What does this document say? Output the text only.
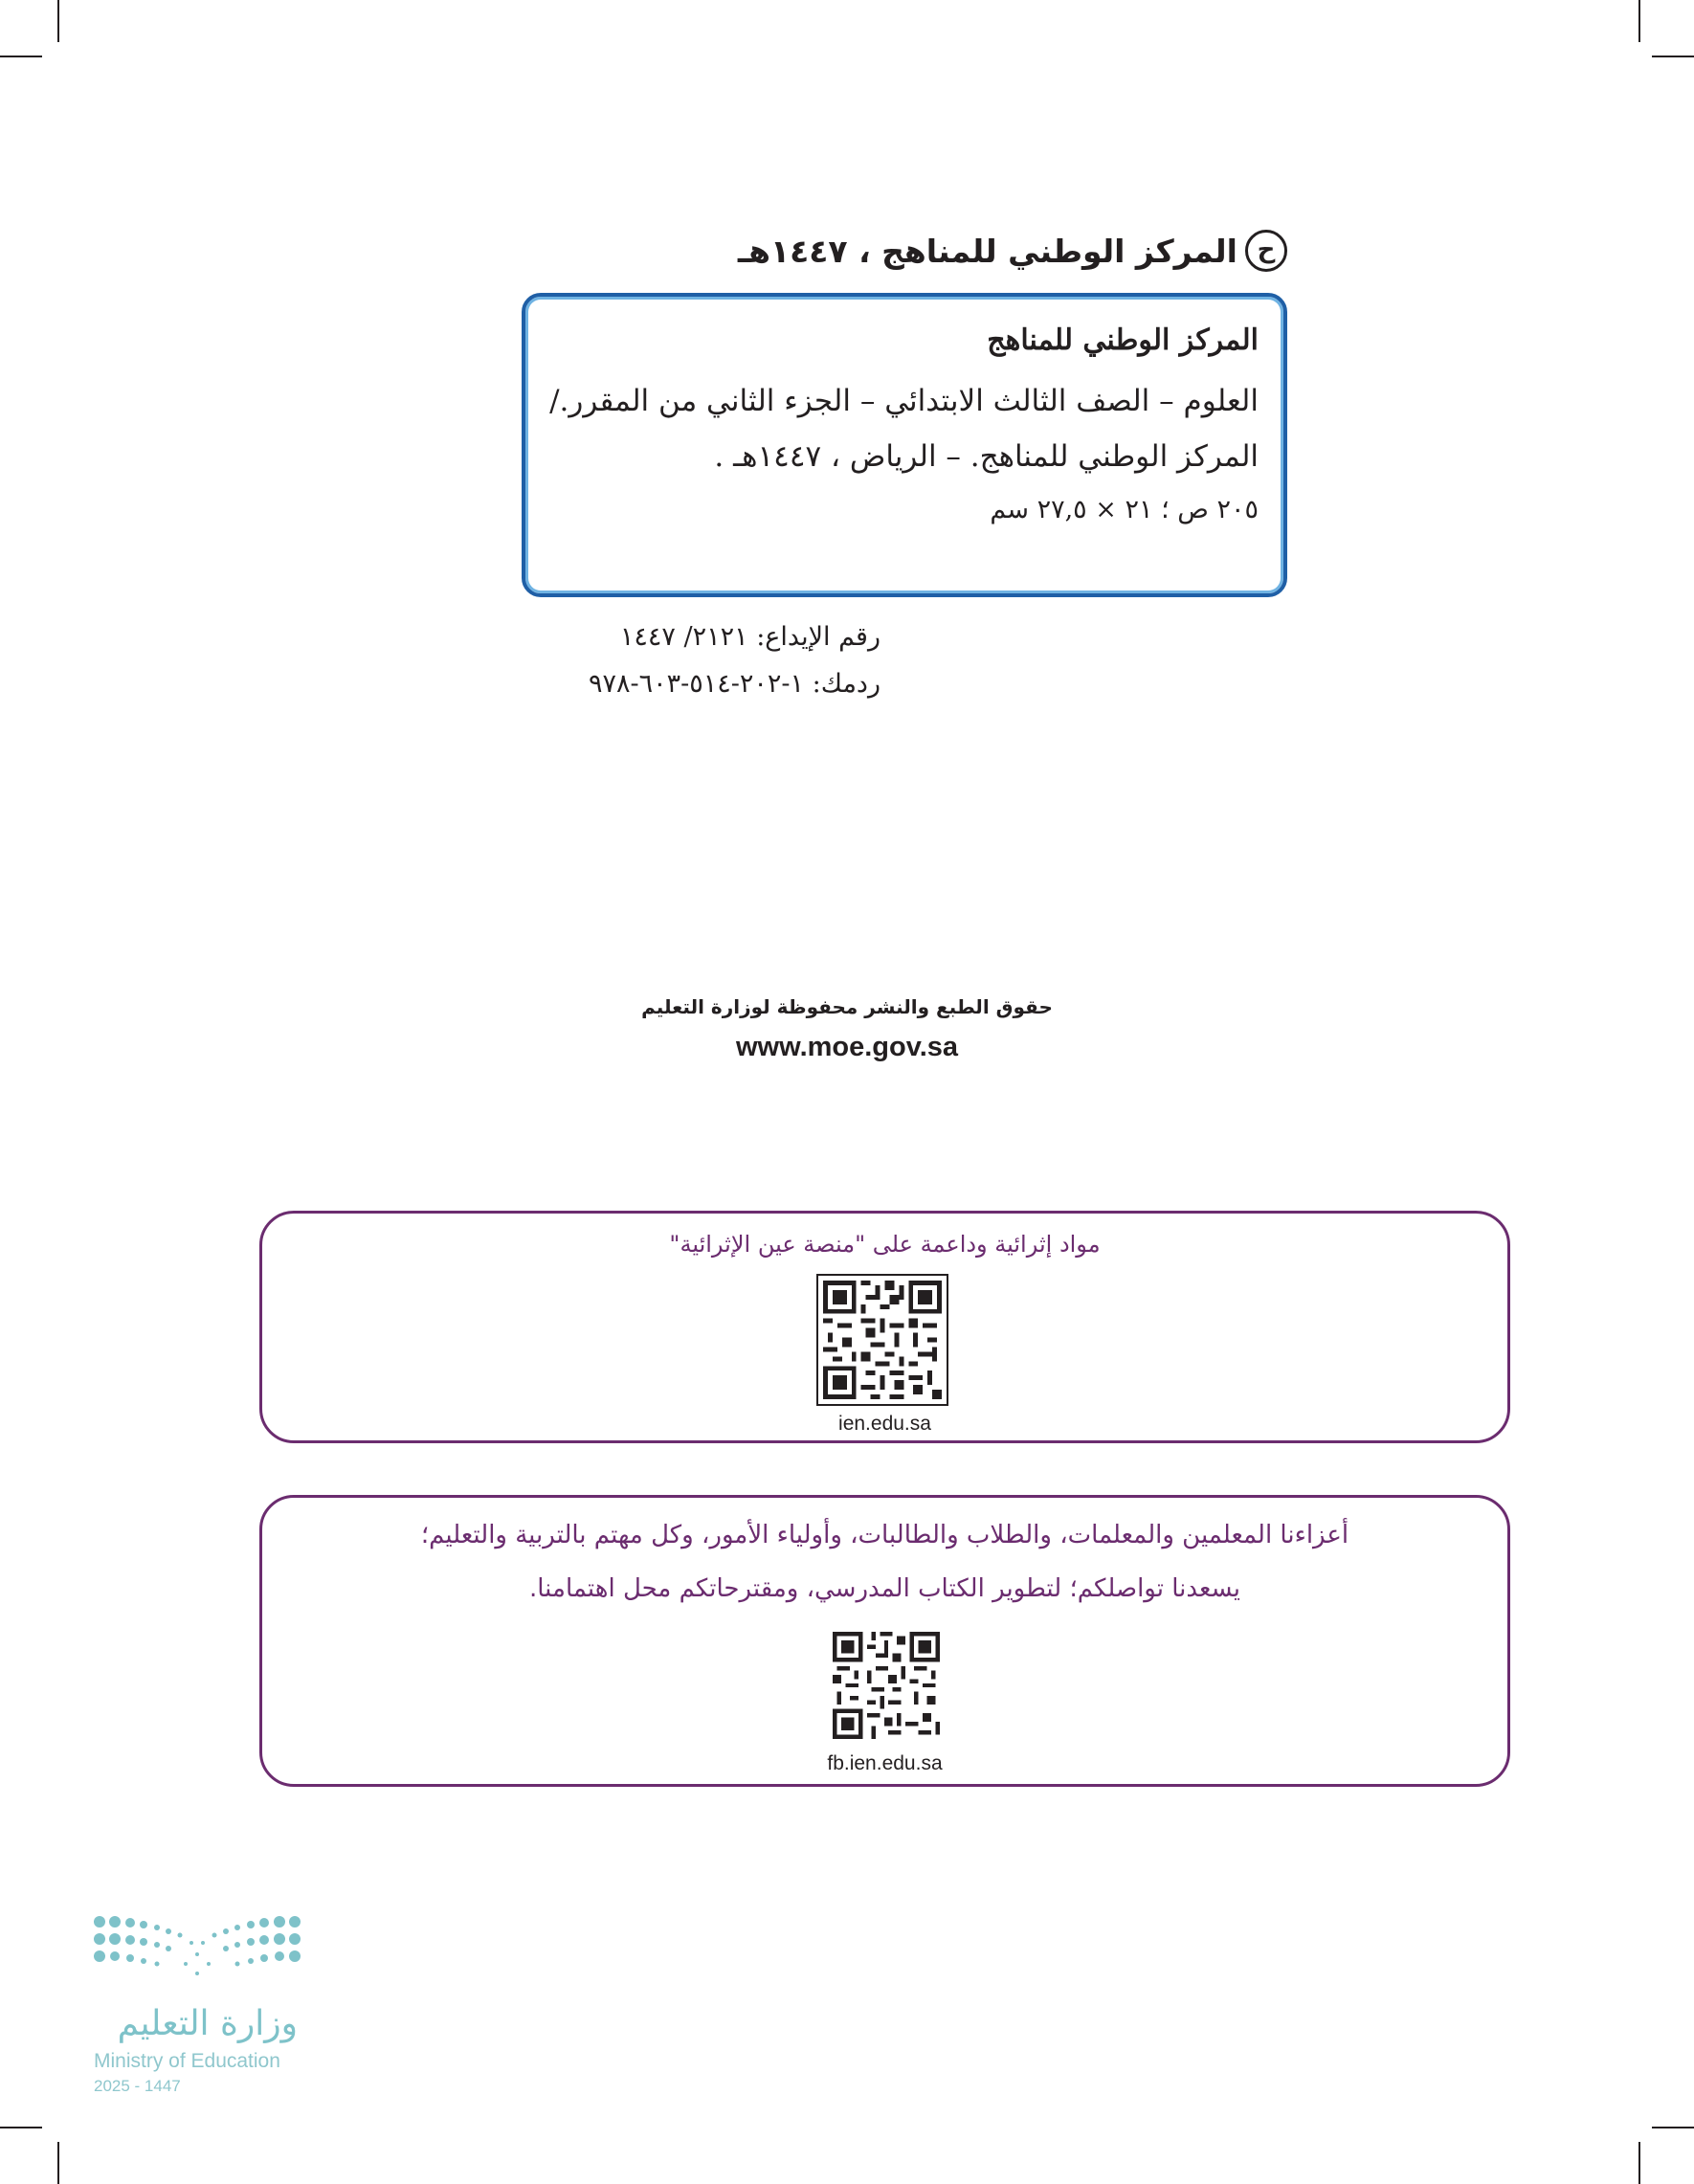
ح
المركز الوطني للمناهج ، ١٤٤٧هـ
المركز الوطني للمناهج
العلوم – الصف الثالث الابتدائي – الجزء الثاني من المقرر./
المركز الوطني للمناهج. – الرياض ، ١٤٤٧هـ .
٢٠٥ ص ؛ ٢١ × ٢٧,٥ سم
رقم الإيداع: ٢١٢١/ ١٤٤٧
ردمك: ١-٢٠٢-٥١٤-٦٠٣-٩٧٨
حقوق الطبع والنشر محفوظة لوزارة التعليم
www.moe.gov.sa
مواد إثرائية وداعمة على "منصة عين الإثرائية"
ien.edu.sa
أعزاءنا المعلمين والمعلمات، والطلاب والطالبات، وأولياء الأمور، وكل مهتم بالتربية والتعليم؛
يسعدنا تواصلكم؛ لتطوير الكتاب المدرسي، ومقترحاتكم محل اهتمامنا.
fb.ien.edu.sa
وزارة التعليم
Ministry of Education
2025 - 1447
